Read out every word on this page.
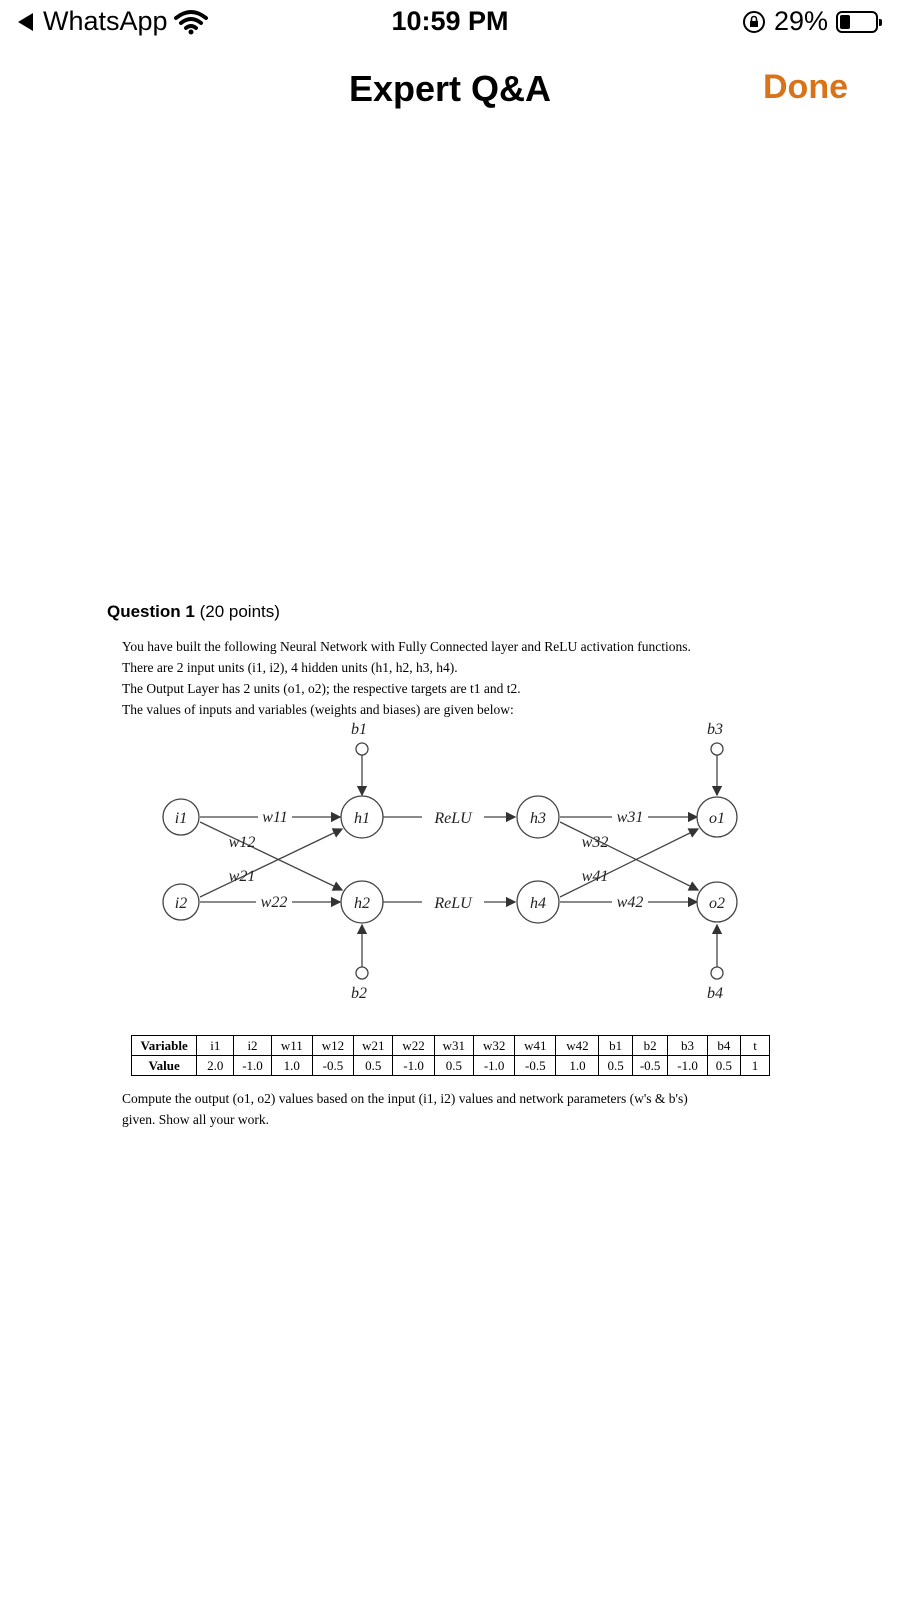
WhatsApp	10:59 PM	29%
Expert Q&A	Done
Question 1 (20 points)
You have built the following Neural Network with Fully Connected layer and ReLU activation functions.
There are 2 input units (i1, i2), 4 hidden units (h1, h2, h3, h4).
The Output Layer has 2 units (o1, o2); the respective targets are t1 and t2.
The values of inputs and variables (weights and biases) are given below:
i1
i2
h1
h2
h3
h4
o1
o2
b1	b3
b2	b4
w11
w12
w21
w22
w31
w32
w41
w42
ReLU
ReLU
Variable	i1	i2	w11	w12	w21	w22	w31	w32	w41	w42	b1	b2	b3	b4	t
Value	2.0	-1.0	1.0	-0.5	0.5	-1.0	0.5	-1.0	-0.5	1.0	0.5	-0.5	-1.0	0.5	1
Compute the output (o1, o2) values based on the input (i1, i2) values and network parameters (w's & b's)
given. Show all your work.
